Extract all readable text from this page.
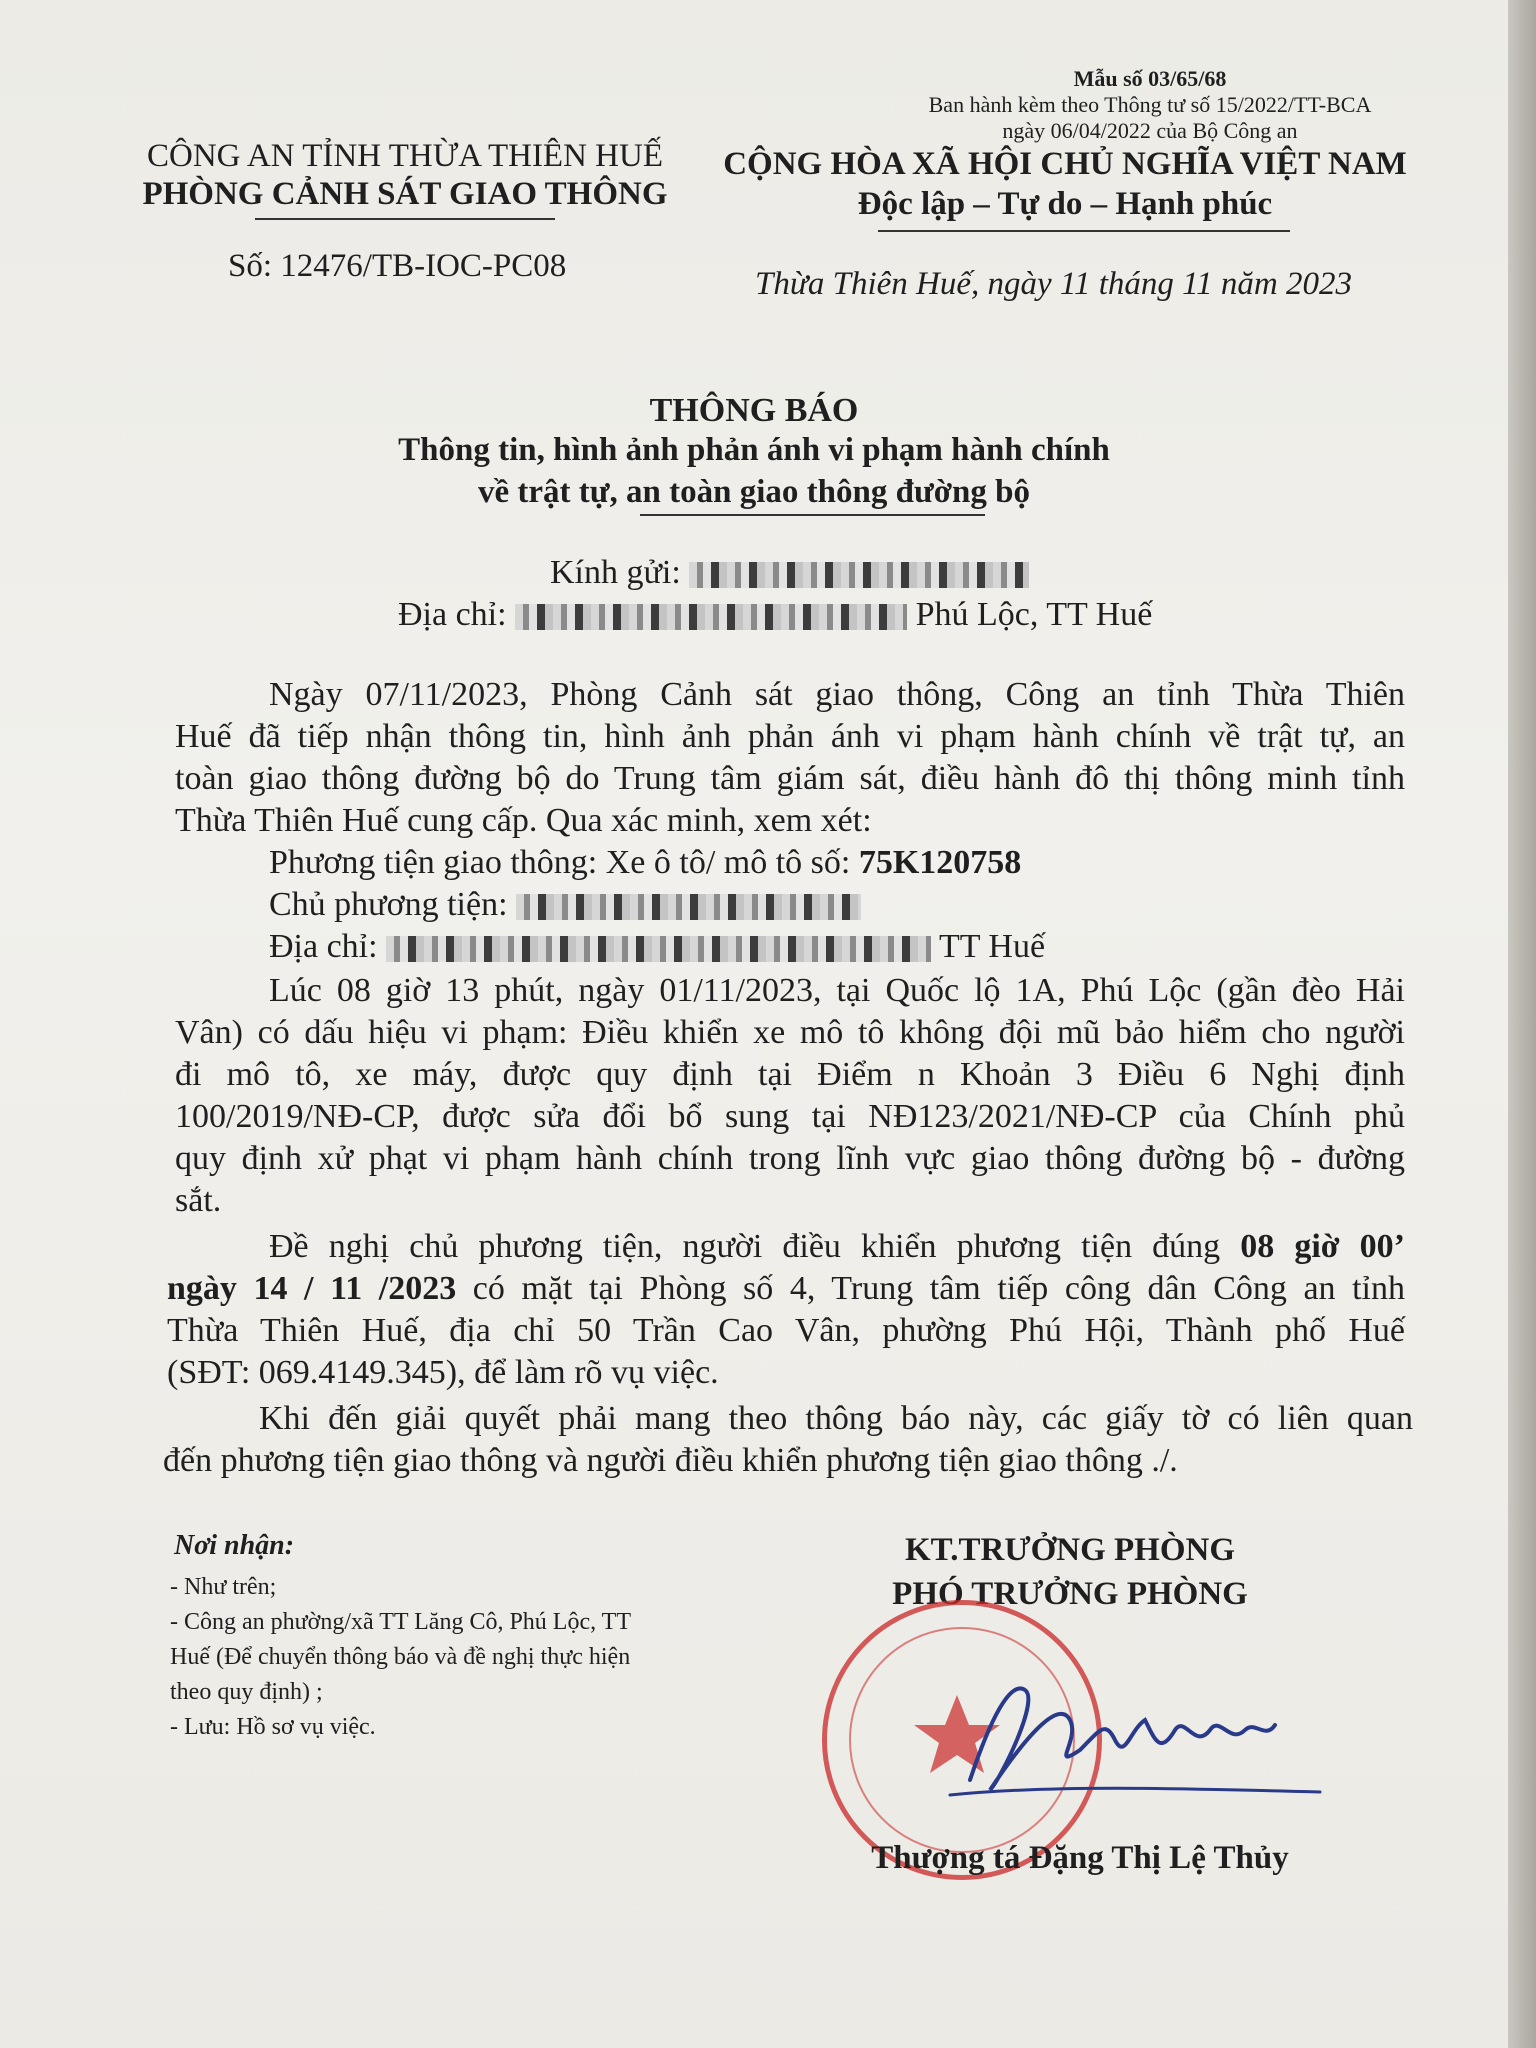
Mẫu số 03/65/68
Ban hành kèm theo Thông tư số 15/2022/TT-BCA
ngày 06/04/2022 của Bộ Công an
CÔNG AN TỈNH THỪA THIÊN HUẾ
PHÒNG CẢNH SÁT GIAO THÔNG
Số: 12476/TB-IOC-PC08
CỘNG HÒA XÃ HỘI CHỦ NGHĨA VIỆT NAM
Độc lập – Tự do – Hạnh phúc
Thừa Thiên Huế, ngày 11 tháng 11 năm 2023
THÔNG BÁO
Thông tin, hình ảnh phản ánh vi phạm hành chính
về trật tự, an toàn giao thông đường bộ
Kính gửi:
Địa chỉ:	Phú Lộc, TT Huế
Ngày 07/11/2023, Phòng Cảnh sát giao thông, Công an tỉnh Thừa Thiên
Huế đã tiếp nhận thông tin, hình ảnh phản ánh vi phạm hành chính về trật tự, an
toàn giao thông đường bộ do Trung tâm giám sát, điều hành đô thị thông minh tỉnh
Thừa Thiên Huế cung cấp. Qua xác minh, xem xét:
Phương tiện giao thông: Xe ô tô/ mô tô số: 75K120758
Chủ phương tiện:
Địa chỉ:	TT Huế
Lúc 08 giờ 13 phút, ngày 01/11/2023, tại Quốc lộ 1A, Phú Lộc (gần đèo Hải
Vân) có dấu hiệu vi phạm: Điều khiển xe mô tô không đội mũ bảo hiểm cho người
đi mô tô, xe máy, được quy định tại Điểm n Khoản 3 Điều 6 Nghị định
100/2019/NĐ-CP, được sửa đổi bổ sung tại NĐ123/2021/NĐ-CP của Chính phủ
quy định xử phạt vi phạm hành chính trong lĩnh vực giao thông đường bộ - đường
sắt.
Đề nghị chủ phương tiện, người điều khiển phương tiện đúng 08 giờ 00’
ngày 14 / 11 /2023 có mặt tại Phòng số 4, Trung tâm tiếp công dân Công an tỉnh
Thừa Thiên Huế, địa chỉ 50 Trần Cao Vân, phường Phú Hội, Thành phố Huế
(SĐT: 069.4149.345), để làm rõ vụ việc.
Khi đến giải quyết phải mang theo thông báo này, các giấy tờ có liên quan
đến phương tiện giao thông và người điều khiển phương tiện giao thông ./.
Nơi nhận:
- Như trên;
- Công an phường/xã TT Lăng Cô, Phú Lộc, TT
Huế (Để chuyển thông báo và đề nghị thực hiện
theo quy định) ;
- Lưu: Hồ sơ vụ việc.
KT.TRƯỞNG PHÒNG
PHÓ TRƯỞNG PHÒNG
Thượng tá Đặng Thị Lệ Thủy
